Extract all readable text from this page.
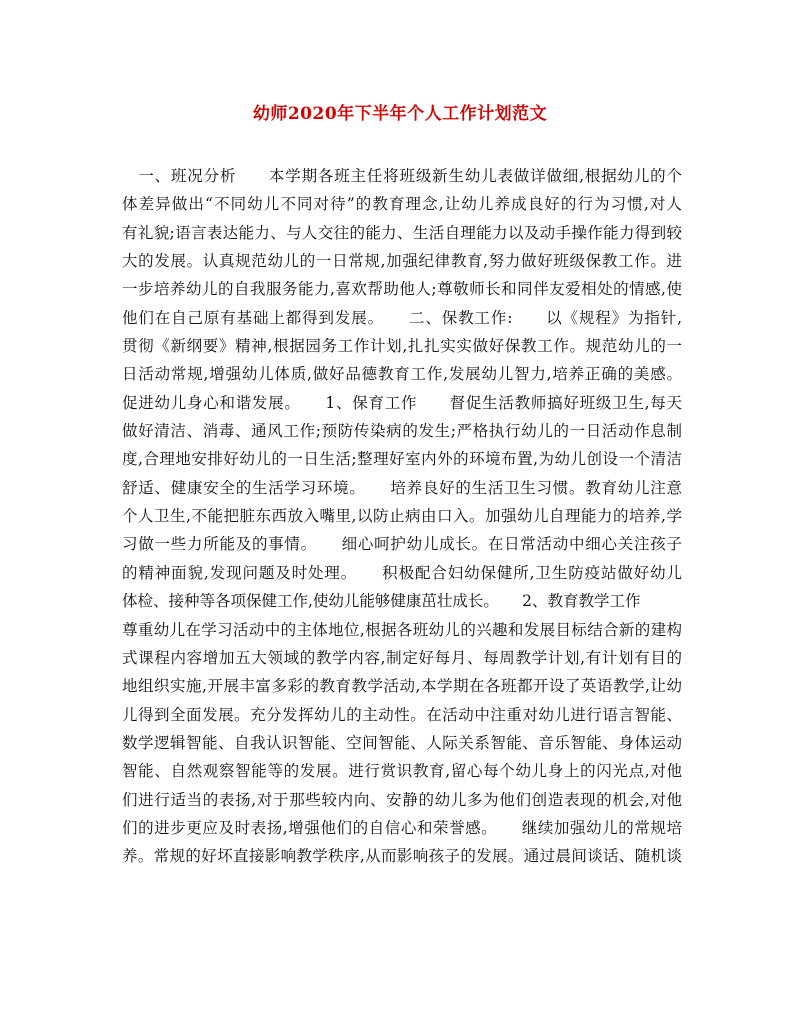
幼师2020年下半年个人工作计划范文
　一、班况分析　　本学期各班主任将班级新生幼儿表做详做细,根据幼儿的个
体差异做出“不同幼儿不同对待”的教育理念,让幼儿养成良好的行为习惯,对人
有礼貌;语言表达能力、与人交往的能力、生活自理能力以及动手操作能力得到较
大的发展。认真规范幼儿的一日常规,加强纪律教育,努力做好班级保教工作。进
一步培养幼儿的自我服务能力,喜欢帮助他人;尊敬师长和同伴友爱相处的情感,使
他们在自己原有基础上都得到发展。　　二、保教工作:　　以《规程》为指针,
贯彻《新纲要》精神,根据园务工作计划,扎扎实实做好保教工作。规范幼儿的一
日活动常规,增强幼儿体质,做好品德教育工作,发展幼儿智力,培养正确的美感。
促进幼儿身心和谐发展。　　1、保育工作　　督促生活教师搞好班级卫生,每天
做好清洁、消毒、通风工作;预防传染病的发生;严格执行幼儿的一日活动作息制
度,合理地安排好幼儿的一日生活;整理好室内外的环境布置,为幼儿创设一个清洁
舒适、健康安全的生活学习环境。　　培养良好的生活卫生习惯。教育幼儿注意
个人卫生,不能把脏东西放入嘴里,以防止病由口入。加强幼儿自理能力的培养,学
习做一些力所能及的事情。　　细心呵护幼儿成长。在日常活动中细心关注孩子
的精神面貌,发现问题及时处理。　　积极配合妇幼保健所,卫生防疫站做好幼儿
体检、接种等各项保健工作,使幼儿能够健康茁壮成长。　　2、教育教学工作
尊重幼儿在学习活动中的主体地位,根据各班幼儿的兴趣和发展目标结合新的建构
式课程内容增加五大领域的教学内容,制定好每月、每周教学计划,有计划有目的
地组织实施,开展丰富多彩的教育教学活动,本学期在各班都开设了英语教学,让幼
儿得到全面发展。充分发挥幼儿的主动性。在活动中注重对幼儿进行语言智能、
数学逻辑智能、自我认识智能、空间智能、人际关系智能、音乐智能、身体运动
智能、自然观察智能等的发展。进行赏识教育,留心每个幼儿身上的闪光点,对他
们进行适当的表扬,对于那些较内向、安静的幼儿多为他们创造表现的机会,对他
们的进步更应及时表扬,增强他们的自信心和荣誉感。　　继续加强幼儿的常规培
养。常规的好坏直接影响教学秩序,从而影响孩子的发展。通过晨间谈话、随机谈
